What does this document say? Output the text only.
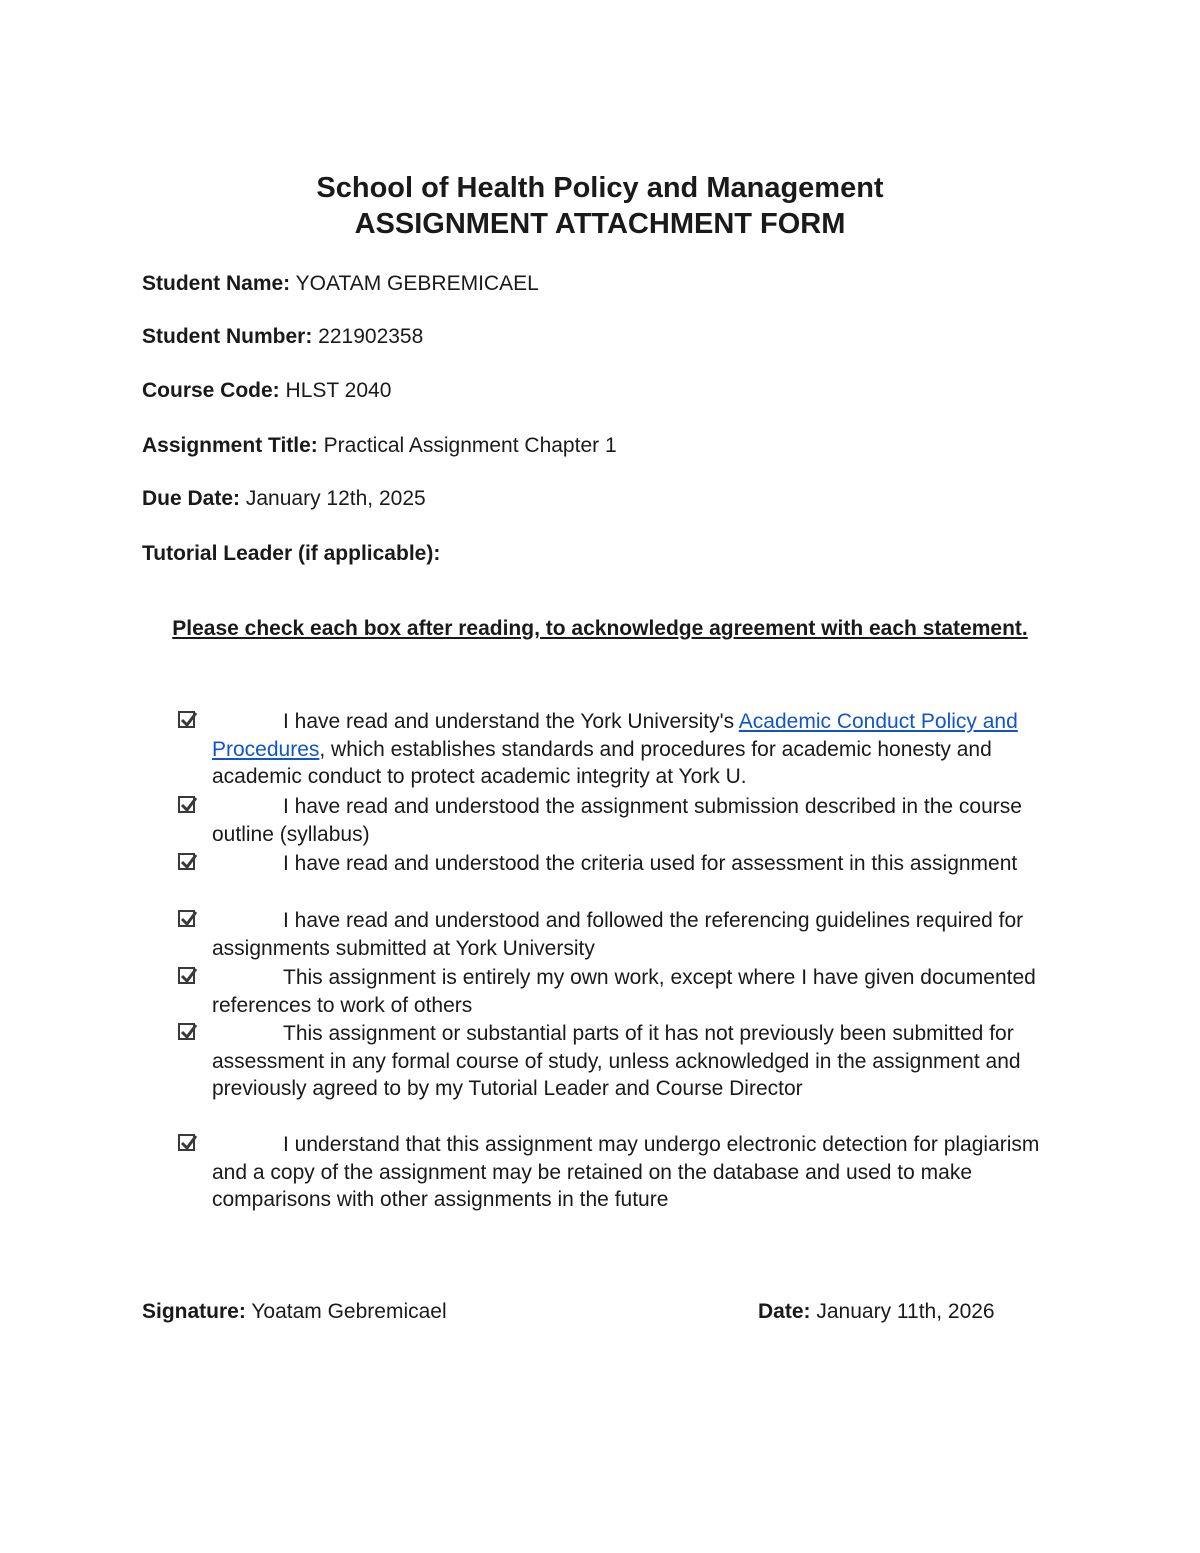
School of Health Policy and Management
ASSIGNMENT ATTACHMENT FORM
Student Name: YOATAM GEBREMICAEL
Student Number: 221902358
Course Code: HLST 2040
Assignment Title: Practical Assignment Chapter 1
Due Date: January 12th, 2025
Tutorial Leader (if applicable):
Please check each box after reading, to acknowledge agreement with each statement.
I have read and understand the York University's Academic Conduct Policy and Procedures, which establishes standards and procedures for academic honesty and academic conduct to protect academic integrity at York U.
I have read and understood the assignment submission described in the course outline (syllabus)
I have read and understood the criteria used for assessment in this assignment
I have read and understood and followed the referencing guidelines required for assignments submitted at York University
This assignment is entirely my own work, except where I have given documented references to work of others
This assignment or substantial parts of it has not previously been submitted for assessment in any formal course of study, unless acknowledged in the assignment and previously agreed to by my Tutorial Leader and Course Director
I understand that this assignment may undergo electronic detection for plagiarism and a copy of the assignment may be retained on the database and used to make comparisons with other assignments in the future
Signature: Yoatam Gebremicael	Date: January 11th, 2026
